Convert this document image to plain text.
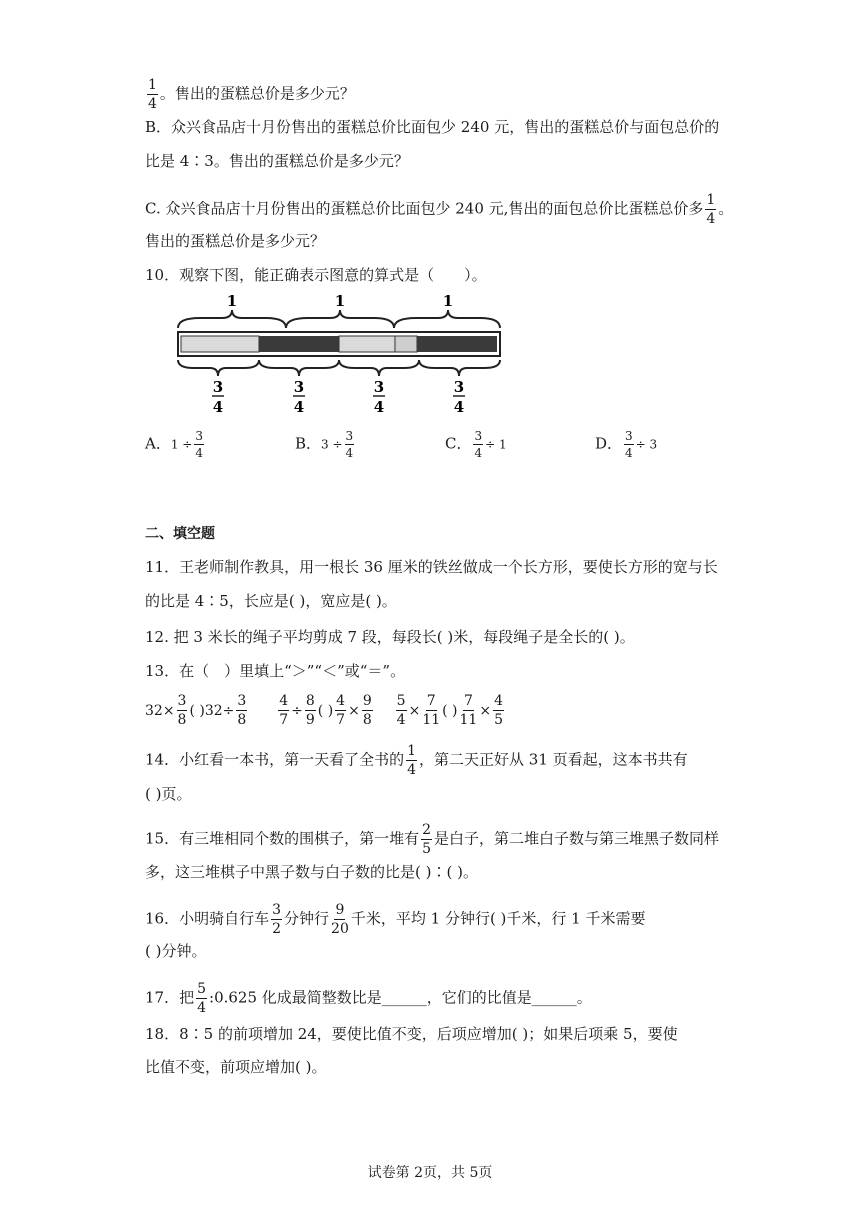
$\frac{1}{4}$ 。售出的蛋糕总价是多少元？
B．众兴食品店十月份售出的蛋糕总价比面包少 240 元，售出的蛋糕总价与面包总价的
比是 4∶3。售出的蛋糕总价是多少元？
C. 众兴食品店十月份售出的蛋糕总价比面包少 240 元,售出的面包总价比蛋糕总价多 $\frac{1}{4}$ 。
售出的蛋糕总价是多少元？
10．观察下图，能正确表示图意的算式是（　　）。
1	1	1
3
4
3
4
3
4
3
4
A．$1 \div \frac{3}{4}$	B．$3 \div \frac{3}{4}$	C． $\frac{3}{4} \div 1$	D． $\frac{3}{4} \div 3$
二、填空题
11．王老师制作教具，用一根长 36 厘米的铁丝做成一个长方形，要使长方形的宽与长
的比是 4∶5，长应是( )，宽应是( )。
12. 把 3 米长的绳子平均剪成 7 段，每段长( )米，每段绳子是全长的( )。
13．在（　）里填上“＞”“＜”或“＝”。
$32\times \frac{3}{8}$ ( )$32\div \frac{3}{8}$
$\frac{4}{7} \div \frac{8}{9}$ ( ) $\frac{4}{7} \times \frac{9}{8}$
$\frac{5}{4} \times \frac{7}{11}$ ( ) $\frac{7}{11} \times \frac{4}{5}$
14．小红看一本书，第一天看了全书的 $\frac{1}{4}$ ，第二天正好从 31 页看起，这本书共有
( )页。
15．有三堆相同个数的围棋子，第一堆有 $\frac{2}{5}$ 是白子，第二堆白子数与第三堆黑子数同样
多，这三堆棋子中黑子数与白子数的比是( )∶( )。
16．小明骑自行车 $\frac{3}{2}$ 分钟行 $\frac{9}{20}$ 千米，平均 1 分钟行( )千米，行 1 千米需要
( )分钟。
17．把 $\frac{5}{4}$ :0.625 化成最简整数比是______，它们的比值是______。
18．8∶5 的前项增加 24，要使比值不变，后项应增加( )；如果后项乘 5，要使
比值不变，前项应增加( )。
试卷第 2页，共 5页
